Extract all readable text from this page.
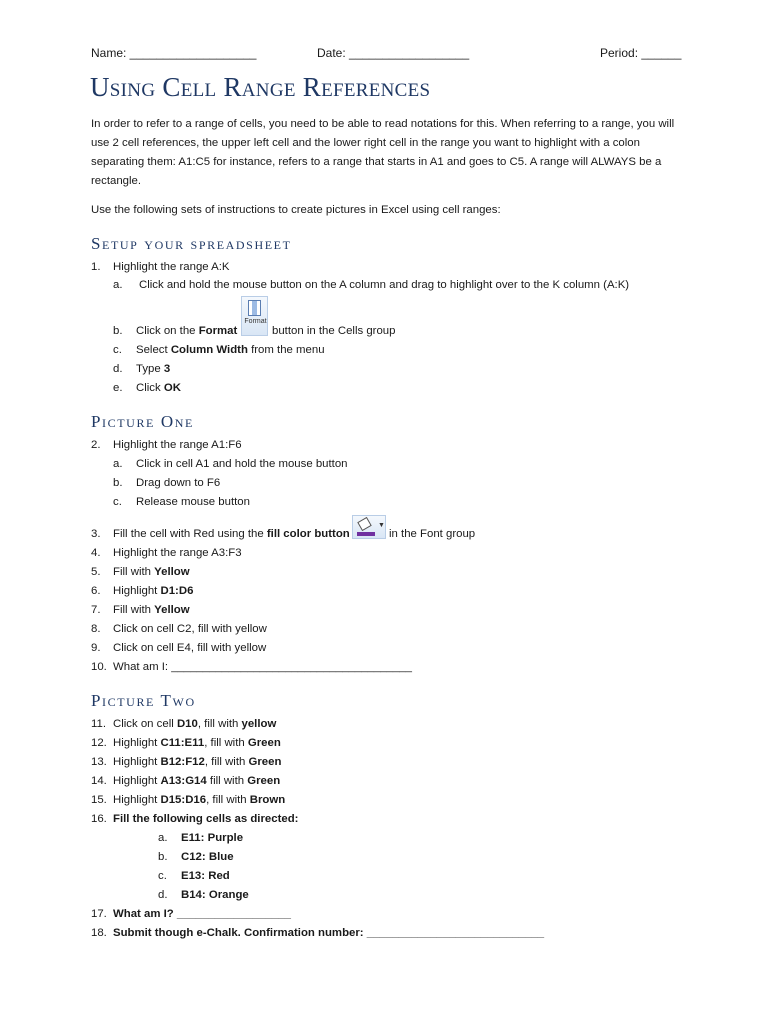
Name: ___________________	Date: __________________	Period: ______
Using Cell Range References
In order to refer to a range of cells, you need to be able to read notations for this. When referring to a range, you will use 2 cell references, the upper left cell and the lower right cell in the range you want to highlight with a colon separating them: A1:C5 for instance, refers to a range that starts in A1 and goes to C5. A range will ALWAYS be a rectangle.
Use the following sets of instructions to create pictures in Excel using cell ranges:
Setup your spreadsheet
1.	Highlight the range A:K
a.	Click and hold the mouse button on the A column and drag to highlight over to the K column (A:K)
Format
b.	Click on the Format	button in the Cells group
c.	Select Column Width from the menu
d.	Type 3
e.	Click OK
Picture One
2.	Highlight the range A1:F6
a.	Click in cell A1 and hold the mouse button
b.	Drag down to F6
c.	Release mouse button
▼
3.	Fill the cell with Red using the fill color button	in the Font group
4.	Highlight the range A3:F3
5.	Fill with Yellow
6.	Highlight D1:D6
7.	Fill with Yellow
8.	Click on cell C2, fill with yellow
9.	Click on cell E4, fill with yellow
10. What am I: ______________________________________
Picture Two
11. Click on cell D10, fill with yellow
12. Highlight C11:E11, fill with Green
13. Highlight B12:F12, fill with Green
14. Highlight A13:G14 fill with Green
15. Highlight D15:D16, fill with Brown
16. Fill the following cells as directed:
a.	E11: Purple
b.	C12: Blue
c.	E13: Red
d.	B14: Orange
17. What am I? __________________
18. Submit though e-Chalk. Confirmation number: ____________________________
